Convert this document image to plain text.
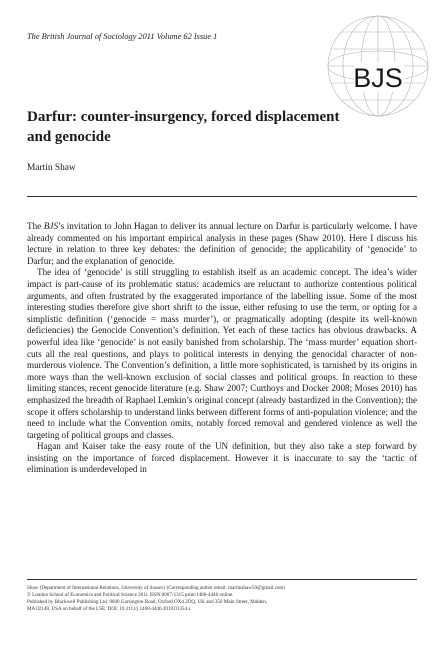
The British Journal of Sociology 2011 Volume 62 Issue 1
BJS
Darfur: counter-insurgency, forced displacement and genocide
Martin Shaw

The BJS’s invitation to John Hagan to deliver its annual lecture on Darfur is particularly welcome. I have already commented on his important empirical analysis in these pages (Shaw 2010). Here I discuss his lecture in relation to three key debates: the definition of genocide; the applicability of ‘genocide’ to Darfur; and the explanation of genocide.

The idea of ‘genocide’ is still struggling to establish itself as an academic concept. The idea’s wider impact is part-cause of its problematic status: academics are reluctant to authorize contentious political arguments, and often frustrated by the exaggerated importance of the labelling issue. Some of the most interesting studies therefore give short shrift to the issue, either refusing to use the term, or opting for a simplistic definition (‘genocide = mass murder’), or pragmatically adopting (despite its well-known deficiencies) the Genocide Convention’s definition. Yet each of these tactics has obvious drawbacks. A powerful idea like ‘genocide’ is not easily banished from scholarship. The ‘mass murder’ equation short-cuts all the real questions, and plays to political interests in denying the genocidal character of non-murderous violence. The Convention’s definition, a little more sophisticated, is tarnished by its origins in more ways than the well-known exclusion of social classes and political groups. In reaction to these limiting stances, recent genocide literature (e.g. Shaw 2007; Curthoys and Docker 2008; Moses 2010) has emphasized the breadth of Raphael Lemkin’s original concept (already bastardized in the Convention); the scope it offers scholarship to understand links between different forms of anti-population violence; and the need to include what the Convention omits, notably forced removal and gendered violence as well the targeting of political groups and classes.

Hagan and Kaiser take the easy route of the UN definition, but they also take a step forward by insisting on the importance of forced displacement. However it is inaccurate to say the ‘tactic of elimination is underdeveloped in

Shaw (Department of International Relations, University of Sussex) (Corresponding author email: martinshaw59@gmail.com)
© London School of Economics and Political Science 2011 ISSN 0007-1315 print/1468-4446 online.
Published by Blackwell Publishing Ltd, 9600 Garsington Road, Oxford OX4 2DQ, UK and 350 Main Street, Malden,
MA 02148, USA on behalf of the LSE. DOI: 10.1111/j.1468-4446.2010.01354.x
